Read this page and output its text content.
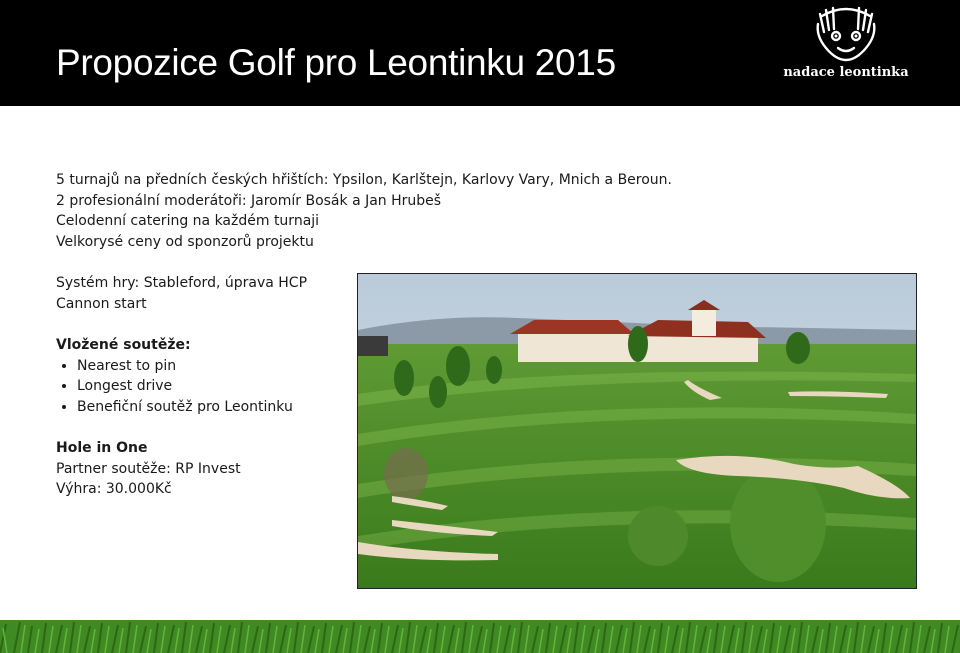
Propozice Golf pro Leontinku 2015	nadace leontinka

5 turnajů na předních českých hřištích: Ypsilon, Karlštejn, Karlovy Vary, Mnich a Beroun.

2 profesionální moderátoři: Jaromír Bosák a Jan Hrubeš

Celodenní catering na každém turnaji

Velkorysé ceny od sponzorů projektu

Systém hry: Stableford, úprava HCP

Cannon start

Vložené soutěže:

• Nearest to pin
• Longest drive
• Benefiční soutěž pro Leontinku

Hole in One

Partner soutěže: RP Invest

Výhra: 30.000Kč
